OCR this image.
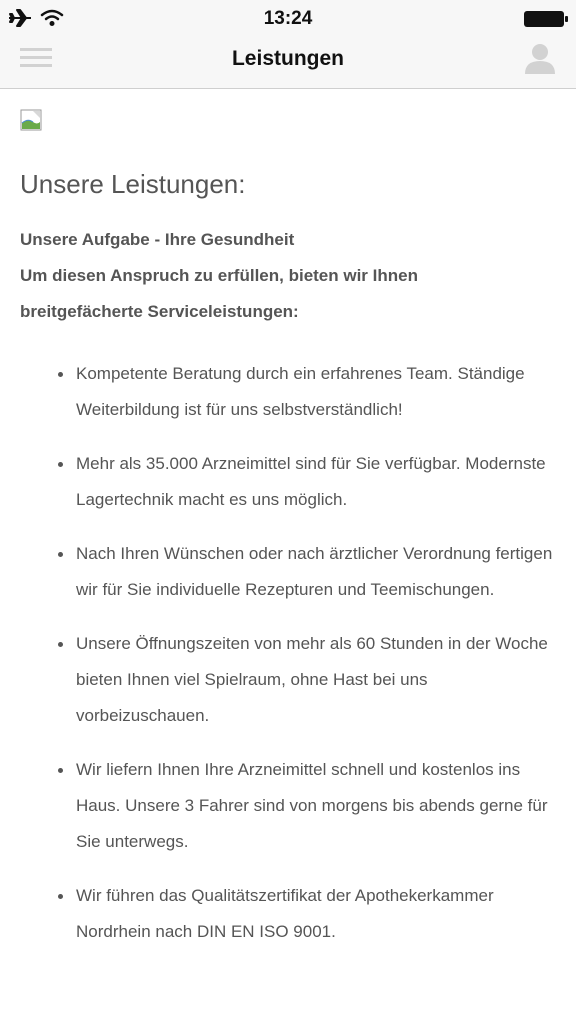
13:24
Leistungen
Unsere Leistungen:
Unsere Aufgabe - Ihre Gesundheit
Um diesen Anspruch zu erfüllen, bieten wir Ihnen
breitgefächerte Serviceleistungen:
Kompetente Beratung durch ein erfahrenes Team. Ständige Weiterbildung ist für uns selbstverständlich!
Mehr als 35.000 Arzneimittel sind für Sie verfügbar. Modernste Lagertechnik macht es uns möglich.
Nach Ihren Wünschen oder nach ärztlicher Verordnung fertigen wir für Sie individuelle Rezepturen und Teemischungen.
Unsere Öffnungszeiten von mehr als 60 Stunden in der Woche bieten Ihnen viel Spielraum, ohne Hast bei uns vorbeizuschauen.
Wir liefern Ihnen Ihre Arzneimittel schnell und kostenlos ins Haus. Unsere 3 Fahrer sind von morgens bis abends gerne für Sie unterwegs.
Wir führen das Qualitätszertifikat der Apothekerkammer Nordrhein nach DIN EN ISO 9001.
